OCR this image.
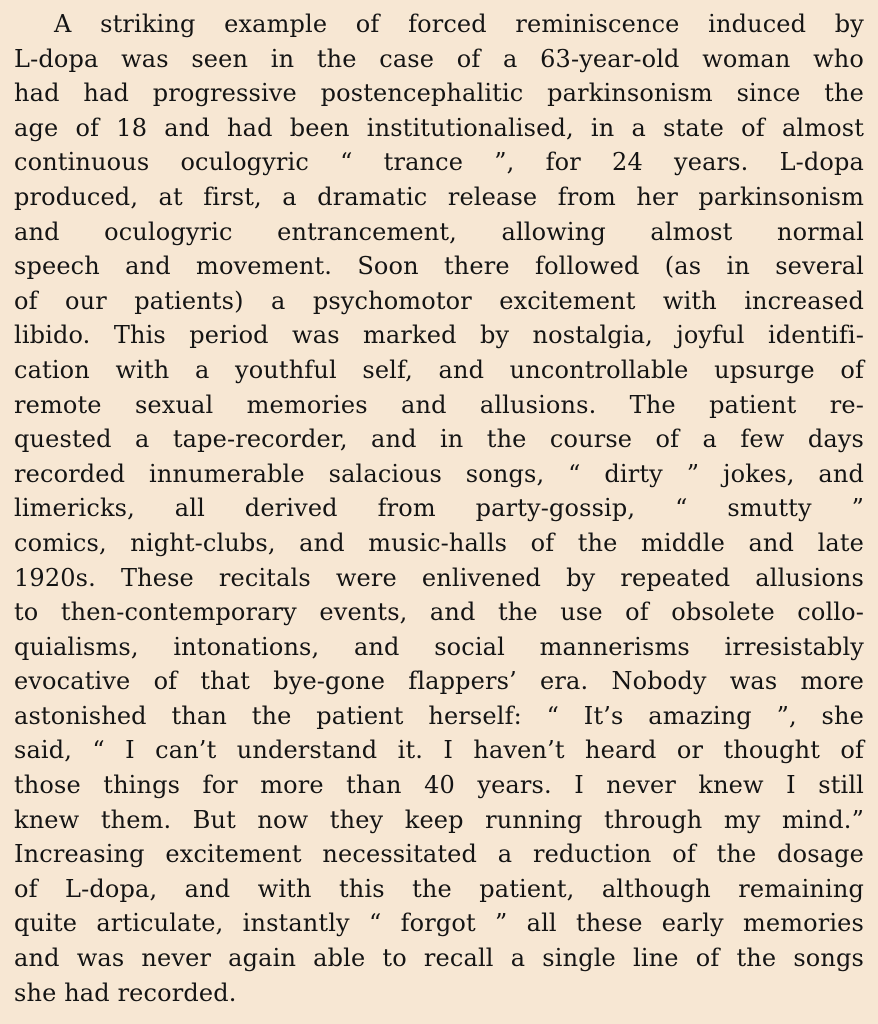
A striking example of forced reminiscence induced by
L-dopa was seen in the case of a 63-year-old woman who
had had progressive postencephalitic parkinsonism since the
age of 18 and had been institutionalised, in a state of almost
continuous oculogyric “ trance ”, for 24 years. L-dopa
produced, at first, a dramatic release from her parkinsonism
and oculogyric entrancement, allowing almost normal
speech and movement. Soon there followed (as in several
of our patients) a psychomotor excitement with increased
libido. This period was marked by nostalgia, joyful identifi-
cation with a youthful self, and uncontrollable upsurge of
remote sexual memories and allusions. The patient re-
quested a tape-recorder, and in the course of a few days
recorded innumerable salacious songs, “ dirty ” jokes, and
limericks, all derived from party-gossip, “ smutty ”
comics, night-clubs, and music-halls of the middle and late
1920s. These recitals were enlivened by repeated allusions
to then-contemporary events, and the use of obsolete collo-
quialisms, intonations, and social mannerisms irresistably
evocative of that bye-gone flappers’ era. Nobody was more
astonished than the patient herself: “ It’s amazing ”, she
said, “ I can’t understand it. I haven’t heard or thought of
those things for more than 40 years. I never knew I still
knew them. But now they keep running through my mind.”
Increasing excitement necessitated a reduction of the dosage
of L-dopa, and with this the patient, although remaining
quite articulate, instantly “ forgot ” all these early memories
and was never again able to recall a single line of the songs
she had recorded.
